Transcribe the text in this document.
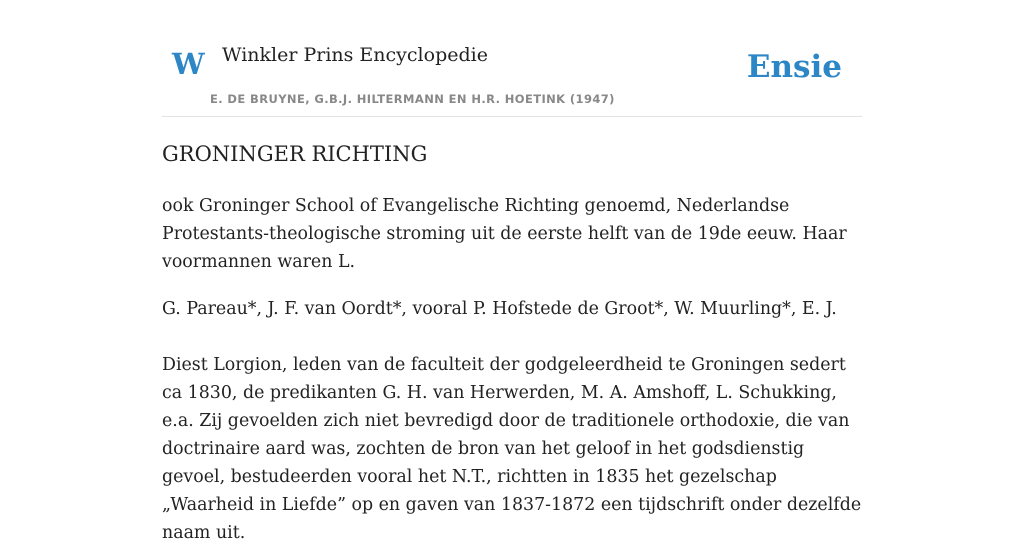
W Winkler Prins Encyclopedie
E. DE BRUYNE, G.B.J. HILTERMANN EN H.R. HOETINK (1947)
Ensie
GRONINGER RICHTING

ook Groninger School of Evangelische Richting genoemd, Nederlandse Protestants-theologische stroming uit de eerste helft van de 19de eeuw. Haar voormannen waren L.

G. Pareau*, J. F. van Oordt*, vooral P. Hofstede de Groot*, W. Muurling*, E. J.

Diest Lorgion, leden van de faculteit der godgeleerdheid te Groningen sedert ca 1830, de predikanten G. H. van Herwerden, M. A. Amshoff, L. Schukking, e.a. Zij gevoelden zich niet bevredigd door de traditionele orthodoxie, die van doctrinaire aard was, zochten de bron van het geloof in het godsdienstig gevoel, bestudeerden vooral het N.T., richtten in 1835 het gezelschap „Waarheid in Liefde” op en gaven van 1837-1872 een tijdschrift onder dezelfde naam uit.
